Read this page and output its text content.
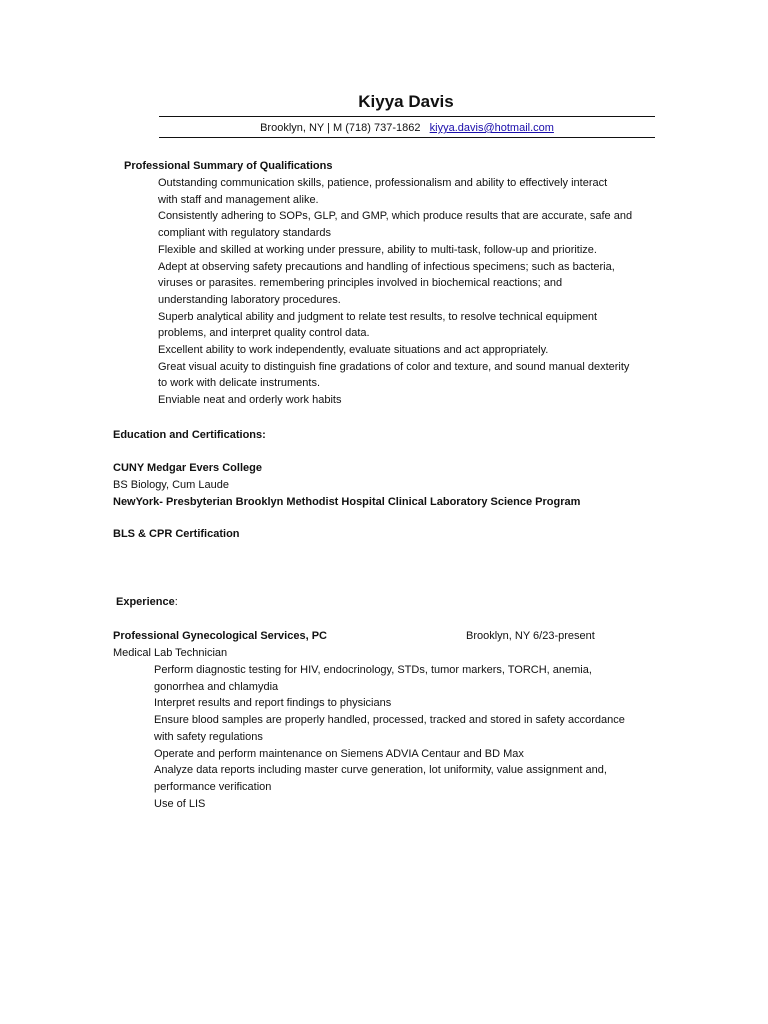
Kiyya Davis
Brooklyn, NY | M (718) 737-1862 kiyya.davis@hotmail.com
Professional Summary of Qualifications
Outstanding communication skills, patience, professionalism and ability to effectively interact
with staff and management alike.
Consistently adhering to SOPs, GLP, and GMP, which produce results that are accurate, safe and
compliant with regulatory standards
Flexible and skilled at working under pressure, ability to multi-task, follow-up and prioritize.
Adept at observing safety precautions and handling of infectious specimens; such as bacteria,
viruses or parasites. remembering principles involved in biochemical reactions; and
understanding laboratory procedures.
Superb analytical ability and judgment to relate test results, to resolve technical equipment
problems, and interpret quality control data.
Excellent ability to work independently, evaluate situations and act appropriately.
Great visual acuity to distinguish fine gradations of color and texture, and sound manual dexterity
to work with delicate instruments.
Enviable neat and orderly work habits
Education and Certifications:
CUNY Medgar Evers College
BS Biology, Cum Laude
NewYork- Presbyterian Brooklyn Methodist Hospital Clinical Laboratory Science Program
BLS & CPR Certification
Experience:
Professional Gynecological Services, PC	Brooklyn, NY 6/23-present
Medical Lab Technician
Perform diagnostic testing for HIV, endocrinology, STDs, tumor markers, TORCH, anemia,
gonorrhea and chlamydia
Interpret results and report findings to physicians
Ensure blood samples are properly handled, processed, tracked and stored in safety accordance
with safety regulations
Operate and perform maintenance on Siemens ADVIA Centaur and BD Max
Analyze data reports including master curve generation, lot uniformity, value assignment and,
performance verification
Use of LIS
